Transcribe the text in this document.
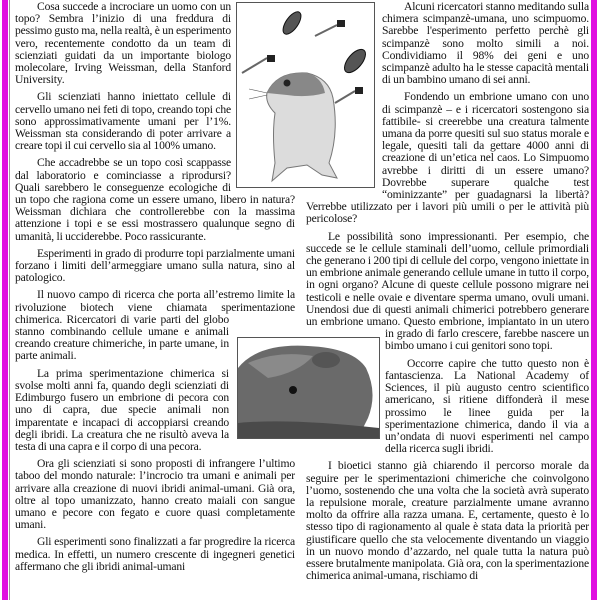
Cosa succede a incrociare un uomo con un topo? Sembra l’inizio di una freddura di pessimo gusto ma, nella realtà, è un esperimento vero, recentemente condotto da un team di scienziati guidati da un importante biologo molecolare, Irving Weissman, della Stanford University.

Gli scienziati hanno iniettato cellule di cervello umano nei feti di topo, creando topi che sono approssimativamente umani per l’1%. Weissman sta considerando di poter arrivare a creare topi il cui cervello sia al 100% umano.

Che accadrebbe se un topo così scappasse dal laboratorio e cominciasse a riprodursi? Quali sarebbero le conseguenze ecologiche di un topo che ragiona come un essere umano, libero in natura? Weissman dichiara che controllerebbe con la massima attenzione i topi e se essi mostrassero qualunque segno di umanità, li ucciderebbe. Poco rassicurante.

Esperimenti in grado di produrre topi parzialmente umani forzano i limiti dell’armeggiare umano sulla natura, sino al patologico.

Il nuovo campo di ricerca che porta all’estremo limite la rivoluzione biotech viene chiamata sperimentazione chimerica. Ricercatori di varie parti del globo stanno combinando cellule umane e animali creando creature chimeriche, in parte umane, in parte animali.

La prima sperimentazione chimerica si svolse molti anni fa, quando degli scienziati di Edimburgo fusero un embrione di pecora con uno di capra, due specie animali non imparentate e incapaci di accoppiarsi creando degli ibridi. La creatura che ne risultò aveva la testa di una capra e il corpo di una pecora.

Ora gli scienziati si sono proposti di infrangere l’ultimo taboo del mondo naturale: l’incrocio tra umani e animali per arrivare alla creazione di nuovi ibridi animal-umani. Già ora, oltre al topo umanizzato, hanno creato maiali con sangue umano e pecore con fegato e cuore quasi completamente umani.

Gli esperimenti sono finalizzati a far progredire la ricerca medica. In effetti, un numero crescente di ingegneri genetici affermano che gli ibridi animal-umani

Alcuni ricercatori stanno meditando sulla chimera scimpanzè-umana, uno scimpuomo. Sarebbe l'esperimento perfetto perchè gli scimpanzè sono molto simili a noi. Condividiamo il 98% dei geni e uno scimpanzè adulto ha le stesse capacità mentali di un bambino umano di sei anni.

Fondendo un embrione umano con uno di scimpanzè – e i ricercatori sostengono sia fattibile- si creerebbe una creatura talmente umana da porre quesiti sul suo status morale e legale, quesiti tali da gettare 4000 anni di creazione di un’etica nel caos. Lo Simpuomo avrebbe i diritti di un essere umano? Dovrebbe superare qualche test “ominizzante” per guadagnarsi la libertà? Verrebbe utilizzato per i lavori più umili o per le attività più pericolose?

Le possibilità sono impressionanti. Per esempio, che succede se le cellule staminali dell’uomo, cellule primordiali che generano i 200 tipi di cellule del corpo, vengono iniettate in un embrione animale generando cellule umane in tutto il corpo, in ogni organo? Alcune di queste cellule possono migrare nei testicoli e nelle ovaie e diventare sperma umano, ovuli umani. Unendosi due di questi animali chimerici potrebbero generare un embrione umano. Questo embrione, impiantato in un utero in grado di farlo crescere, farebbe nascere un bimbo umano i cui genitori sono topi.

Occorre capire che tutto questo non è fantascienza. La National Academy of Sciences, il più augusto centro scientifico americano, si ritiene diffonderà il mese prossimo le linee guida per la sperimentazione chimerica, dando il via a un’ondata di nuovi esperimenti nel campo della ricerca sugli ibridi.

I bioetici stanno già chiarendo il percorso morale da seguire per le sperimentazioni chimeriche che coinvolgono l’uomo, sostenendo che una volta che la società avrà superato la repulsione morale, creature parzialmente umane avranno molto da offrire alla razza umana. E, certamente, questo è lo stesso tipo di ragionamento al quale è stata data la priorità per giustificare quello che sta velocemente diventando un viaggio in un nuovo mondo d’azzardo, nel quale tutta la natura può essere brutalmente manipolata. Già ora, con la sperimentazione chimerica animal-umana, rischiamo di
